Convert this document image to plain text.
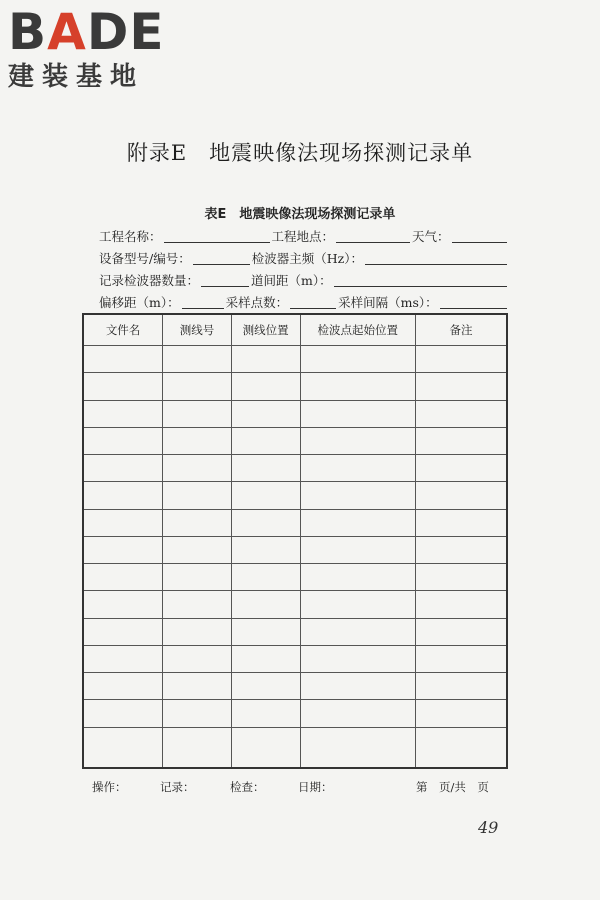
BADE
建装基地
附录E　地震映像法现场探测记录单
表E　地震映像法现场探测记录单
工程名称：	工程地点：	天气：
设备型号/编号：	检波器主频（Hz）：
记录检波器数量：	道间距（m）：
偏移距（m）：	采样点数：	采样间隔（ms）：
文件名	测线号	测线位置	检波点起始位置	备注

操作：	记录：	检查：	日期：	第　页/共　页
49
